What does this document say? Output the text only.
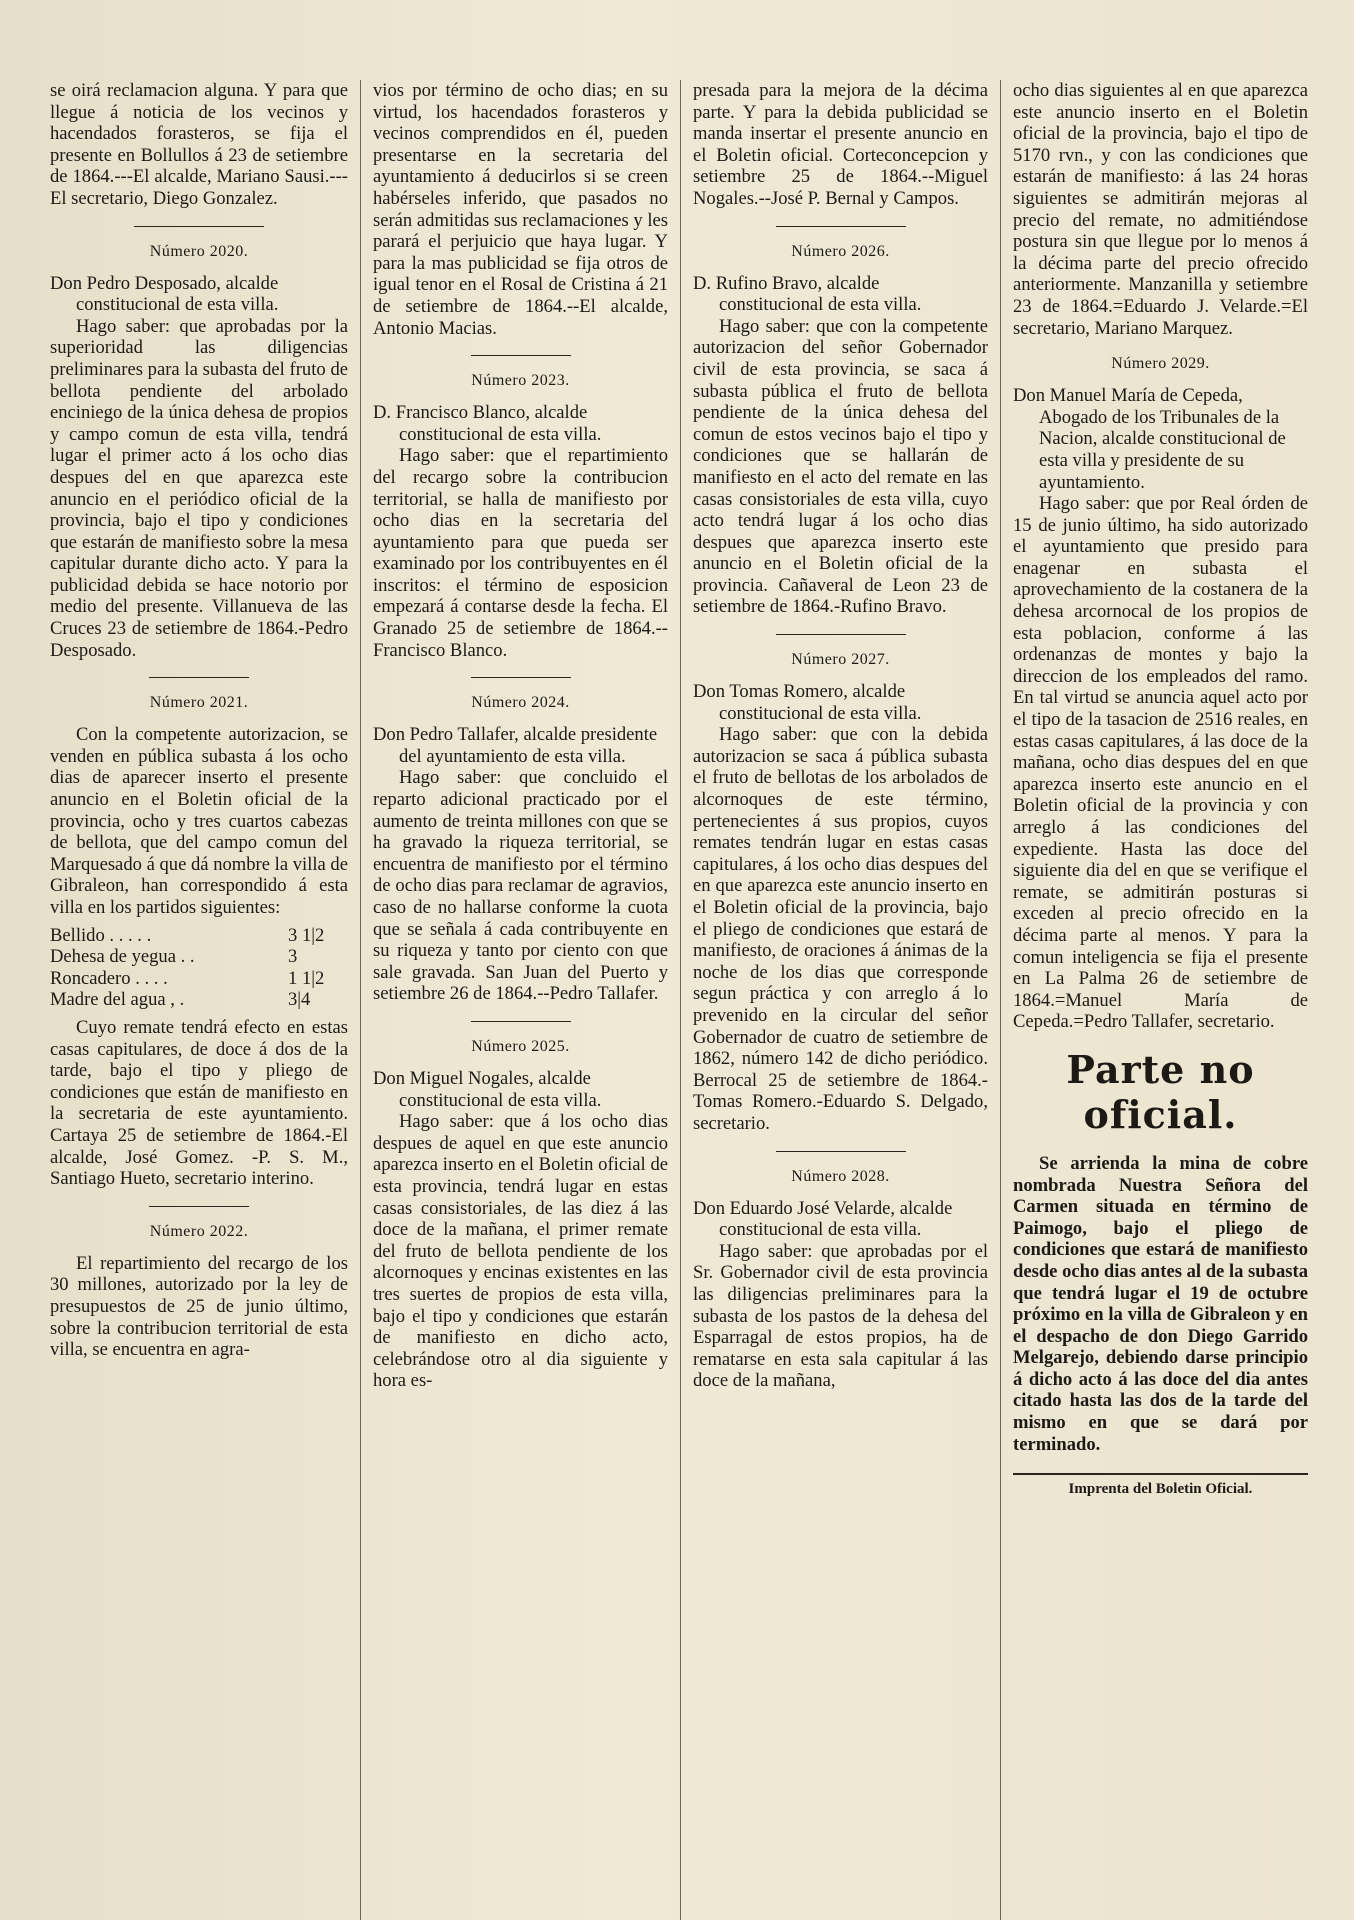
se oirá reclamacion alguna. Y para que llegue á noticia de los vecinos y hacendados forasteros, se fija el presente en Bollullos á 23 de setiembre de 1864.---El alcalde, Mariano Sausi.--- El secretario, Diego Gonzalez.

Número 2020.

Don Pedro Desposado, alcalde constitucional de esta villa.

Hago saber: que aprobadas por la superioridad las diligencias preliminares para la subasta del fruto de bellota pendiente del arbolado enciniego de la única dehesa de propios y campo comun de esta villa, tendrá lugar el primer acto á los ocho dias despues del en que aparezca este anuncio en el periódico oficial de la provincia, bajo el tipo y condiciones que estarán de manifiesto sobre la mesa capitular durante dicho acto. Y para la publicidad debida se hace notorio por medio del presente. Villanueva de las Cruces 23 de setiembre de 1864.-Pedro Desposado.

Número 2021.

Con la competente autorizacion, se venden en pública subasta á los ocho dias de aparecer inserto el presente anuncio en el Boletin oficial de la provincia, ocho y tres cuartos cabezas de bellota, que del campo comun del Marquesado á que dá nombre la villa de Gibraleon, han correspondido á esta villa en los partidos siguientes:

Bellido . . . . .	3 1|2
Dehesa de yegua . .	3
Roncadero . . . .	1 1|2
Madre del agua , .	3|4

Cuyo remate tendrá efecto en estas casas capitulares, de doce á dos de la tarde, bajo el tipo y pliego de condiciones que están de manifiesto en la secretaria de este ayuntamiento. Cartaya 25 de setiembre de 1864.-El alcalde, José Gomez. -P. S. M., Santiago Hueto, secretario interino.

Número 2022.

El repartimiento del recargo de los 30 millones, autorizado por la ley de presupuestos de 25 de junio último, sobre la contribucion territorial de esta villa, se encuentra en agra-

vios por término de ocho dias; en su virtud, los hacendados forasteros y vecinos comprendidos en él, pueden presentarse en la secretaria del ayuntamiento á deducirlos si se creen habérseles inferido, que pasados no serán admitidas sus reclamaciones y les parará el perjuicio que haya lugar. Y para la mas publicidad se fija otros de igual tenor en el Rosal de Cristina á 21 de setiembre de 1864.--El alcalde, Antonio Macias.

Número 2023.

D. Francisco Blanco, alcalde constitucional de esta villa.

Hago saber: que el repartimiento del recargo sobre la contribucion territorial, se halla de manifiesto por ocho dias en la secretaria del ayuntamiento para que pueda ser examinado por los contribuyentes en él inscritos: el término de esposicion empezará á contarse desde la fecha. El Granado 25 de setiembre de 1864.--Francisco Blanco.

Número 2024.

Don Pedro Tallafer, alcalde presidente del ayuntamiento de esta villa.

Hago saber: que concluido el reparto adicional practicado por el aumento de treinta millones con que se ha gravado la riqueza territorial, se encuentra de manifiesto por el término de ocho dias para reclamar de agravios, caso de no hallarse conforme la cuota que se señala á cada contribuyente en su riqueza y tanto por ciento con que sale gravada. San Juan del Puerto y setiembre 26 de 1864.--Pedro Tallafer.

Número 2025.

Don Miguel Nogales, alcalde constitucional de esta villa.

Hago saber: que á los ocho dias despues de aquel en que este anuncio aparezca inserto en el Boletin oficial de esta provincia, tendrá lugar en estas casas consistoriales, de las diez á las doce de la mañana, el primer remate del fruto de bellota pendiente de los alcornoques y encinas existentes en las tres suertes de propios de esta villa, bajo el tipo y condiciones que estarán de manifiesto en dicho acto, celebrándose otro al dia siguiente y hora es-

presada para la mejora de la décima parte. Y para la debida publicidad se manda insertar el presente anuncio en el Boletin oficial. Corteconcepcion y setiembre 25 de 1864.--Miguel Nogales.--José P. Bernal y Campos.

Número 2026.

D. Rufino Bravo, alcalde constitucional de esta villa.

Hago saber: que con la competente autorizacion del señor Gobernador civil de esta provincia, se saca á subasta pública el fruto de bellota pendiente de la única dehesa del comun de estos vecinos bajo el tipo y condiciones que se hallarán de manifiesto en el acto del remate en las casas consistoriales de esta villa, cuyo acto tendrá lugar á los ocho dias despues que aparezca inserto este anuncio en el Boletin oficial de la provincia. Cañaveral de Leon 23 de setiembre de 1864.-Rufino Bravo.

Número 2027.

Don Tomas Romero, alcalde constitucional de esta villa.

Hago saber: que con la debida autorizacion se saca á pública subasta el fruto de bellotas de los arbolados de alcornoques de este término, pertenecientes á sus propios, cuyos remates tendrán lugar en estas casas capitulares, á los ocho dias despues del en que aparezca este anuncio inserto en el Boletin oficial de la provincia, bajo el pliego de condiciones que estará de manifiesto, de oraciones á ánimas de la noche de los dias que corresponde segun práctica y con arreglo á lo prevenido en la circular del señor Gobernador de cuatro de setiembre de 1862, número 142 de dicho periódico. Berrocal 25 de setiembre de 1864.-Tomas Romero.-Eduardo S. Delgado, secretario.

Número 2028.

Don Eduardo José Velarde, alcalde constitucional de esta villa.

Hago saber: que aprobadas por el Sr. Gobernador civil de esta provincia las diligencias preliminares para la subasta de los pastos de la dehesa del Esparragal de estos propios, ha de rematarse en esta sala capitular á las doce de la mañana,

ocho dias siguientes al en que aparezca este anuncio inserto en el Boletin oficial de la provincia, bajo el tipo de 5170 rvn., y con las condiciones que estarán de manifiesto: á las 24 horas siguientes se admitirán mejoras al precio del remate, no admitiéndose postura sin que llegue por lo menos á la décima parte del precio ofrecido anteriormente. Manzanilla y setiembre 23 de 1864.=Eduardo J. Velarde.=El secretario, Mariano Marquez.

Número 2029.

Don Manuel María de Cepeda, Abogado de los Tribunales de la Nacion, alcalde constitucional de esta villa y presidente de su ayuntamiento.

Hago saber: que por Real órden de 15 de junio último, ha sido autorizado el ayuntamiento que presido para enagenar en subasta el aprovechamiento de la costanera de la dehesa arcornocal de los propios de esta poblacion, conforme á las ordenanzas de montes y bajo la direccion de los empleados del ramo. En tal virtud se anuncia aquel acto por el tipo de la tasacion de 2516 reales, en estas casas capitulares, á las doce de la mañana, ocho dias despues del en que aparezca inserto este anuncio en el Boletin oficial de la provincia y con arreglo á las condiciones del expediente. Hasta las doce del siguiente dia del en que se verifique el remate, se admitirán posturas si exceden al precio ofrecido en la décima parte al menos. Y para la comun inteligencia se fija el presente en La Palma 26 de setiembre de 1864.=Manuel María de Cepeda.=Pedro Tallafer, secretario.

Parte no oficial.

Se arrienda la mina de cobre nombrada Nuestra Señora del Carmen situada en término de Paimogo, bajo el pliego de condiciones que estará de manifiesto desde ocho dias antes al de la subasta que tendrá lugar el 19 de octubre próximo en la villa de Gibraleon y en el despacho de don Diego Garrido Melgarejo, debiendo darse principio á dicho acto á las doce del dia antes citado hasta las dos de la tarde del mismo en que se dará por terminado.

Imprenta del Boletin Oficial.
